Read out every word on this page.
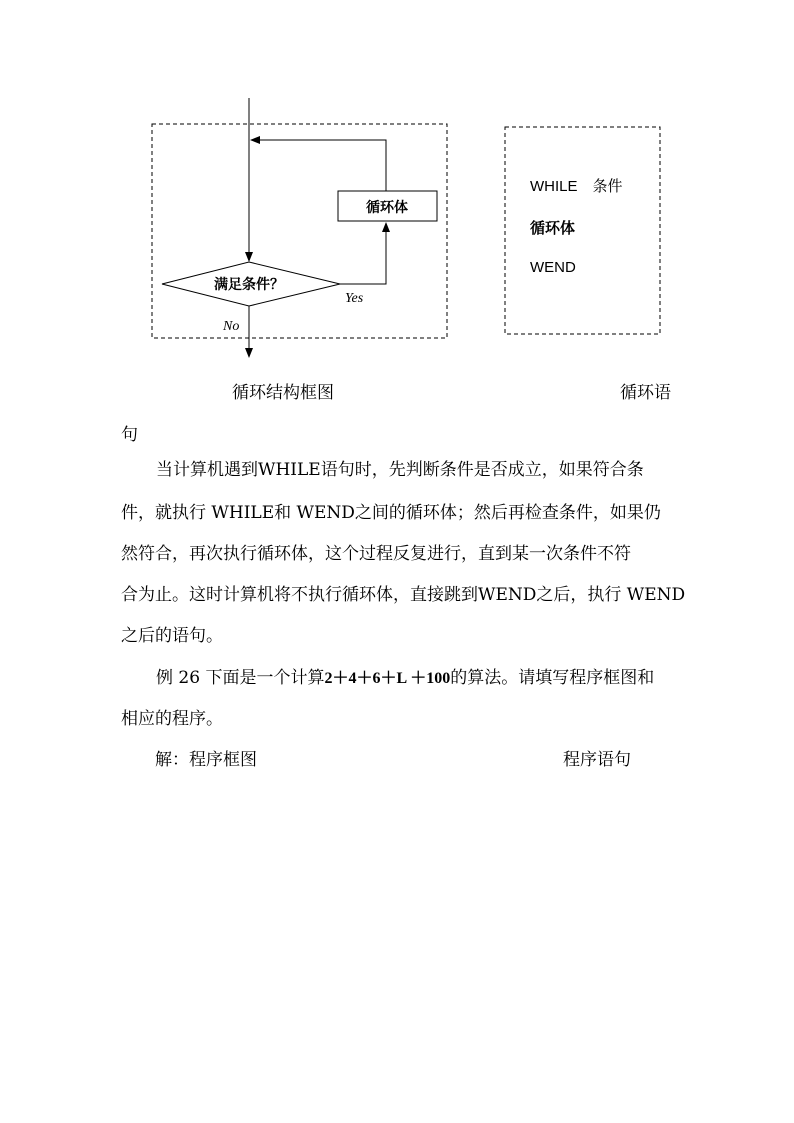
满足条件？
Yes
循环体
No
WHILE　条件
循环体
WEND
循环结构框图	循环语
句
当计算机遇到WHILE语句时，先判断条件是否成立，如果符合条
件，就执行 WHILE和 WEND之间的循环体；然后再检查条件，如果仍
然符合，再次执行循环体，这个过程反复进行，直到某一次条件不符
合为止。这时计算机将不执行循环体，直接跳到WEND之后，执行 WEND
之后的语句。
例 26 下面是一个计算2＋4＋6＋L ＋100的算法。请填写程序框图和
相应的程序。
解：程序框图	程序语句
